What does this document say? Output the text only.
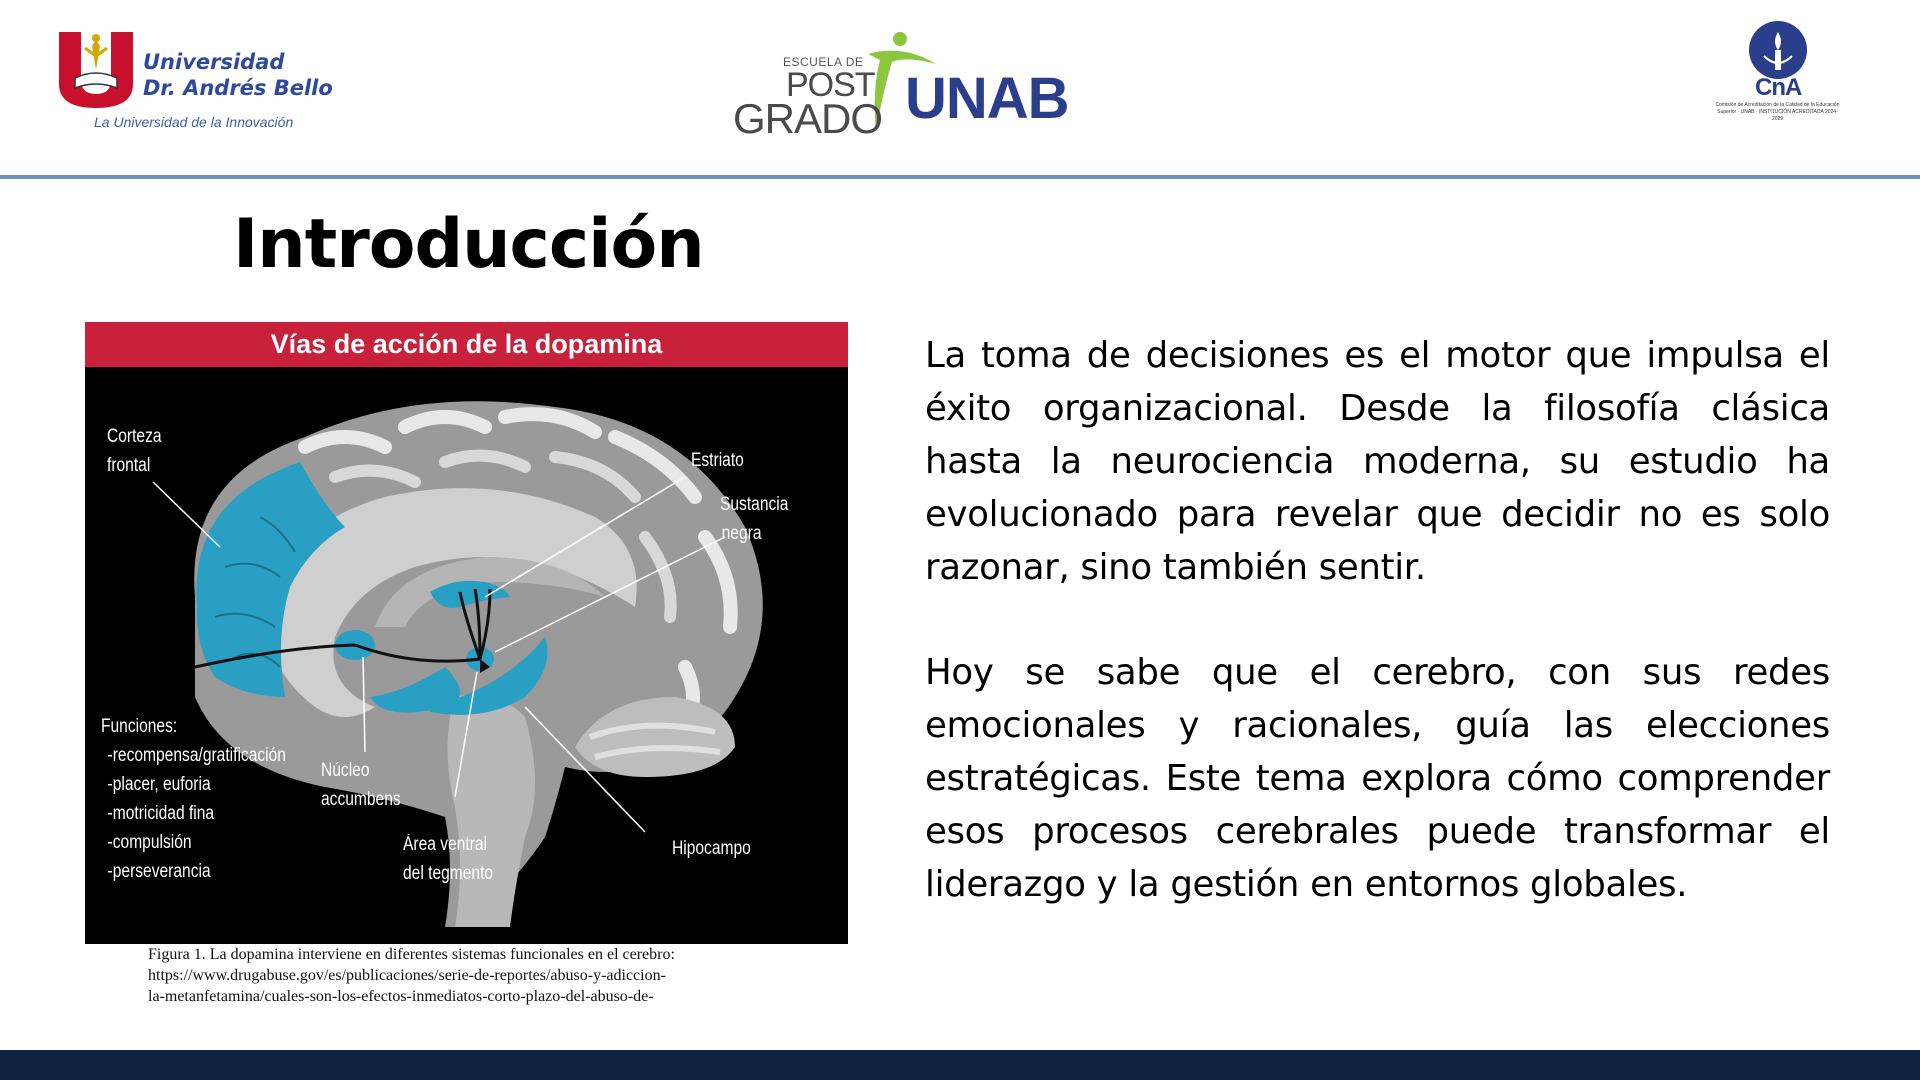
Universidad
Dr. Andrés Bello
La Universidad de la Innovación
ESCUELA DE
POST
GRADO UNAB	CnA
Comisión de Acreditación de la Calidad de la Educación Superior · UNAB · INSTITUCIÓN ACREDITADA 2024-2029
Introducción
Vías de acción de la dopamina
Corteza
frontal	Estriato
Sustancia
negra
Funciones:
-recompensa/gratificación
-placer, euforia
-motricidad fina
-compulsión
-perseverancia
Núcleo
accumbens
Área ventral
del tegmento
Hipocampo
Figura 1. La dopamina interviene en diferentes sistemas funcionales en el cerebro:
https://www.drugabuse.gov/es/publicaciones/serie-de-reportes/abuso-y-adiccion-
la-metanfetamina/cuales-son-los-efectos-inmediatos-corto-plazo-del-abuso-de-

La toma de decisiones es el motor que impulsa el éxito organizacional. Desde la filosofía clásica hasta la neurociencia moderna, su estudio ha evolucionado para revelar que decidir no es solo razonar, sino también sentir.

Hoy se sabe que el cerebro, con sus redes emocionales y racionales, guía las elecciones estratégicas. Este tema explora cómo comprender esos procesos cerebrales puede transformar el liderazgo y la gestión en entornos globales.
